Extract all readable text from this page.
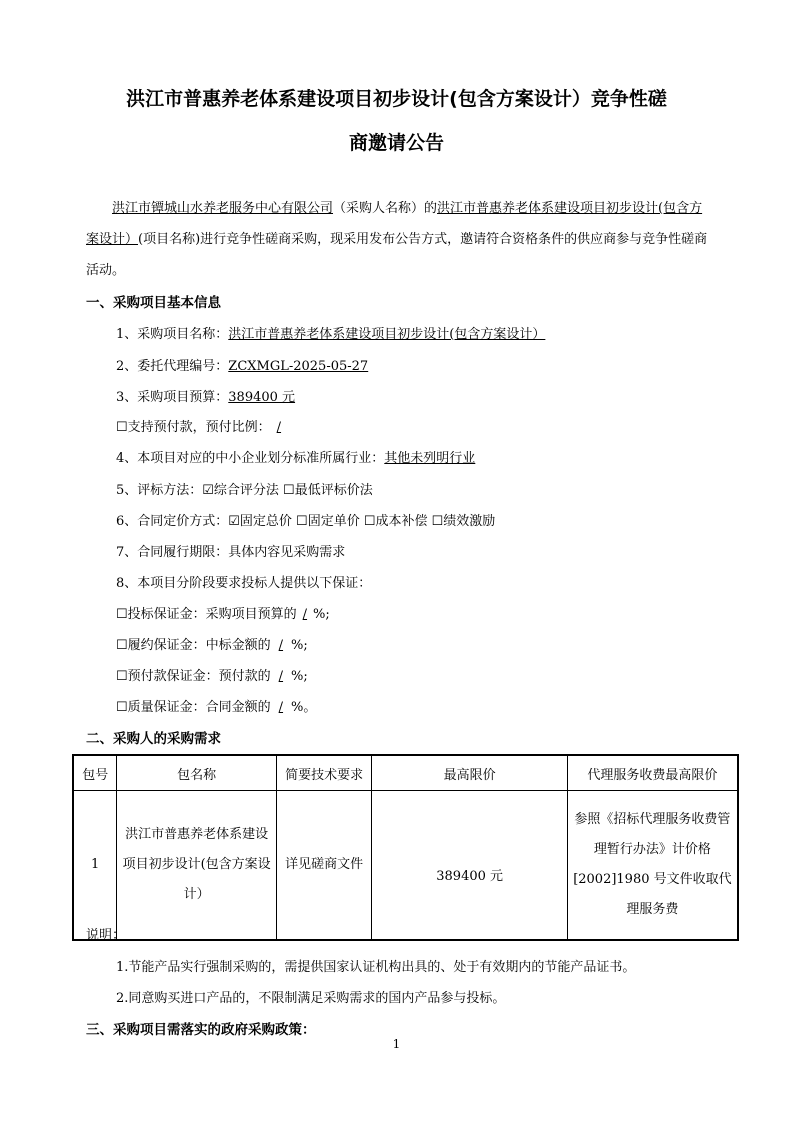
洪江市普惠养老体系建设项目初步设计(包含方案设计）竞争性磋
商邀请公告
洪江市镡城山水养老服务中心有限公司（采购人名称）的洪江市普惠养老体系建设项目初步设计(包含方案设计）(项目名称)进行竞争性磋商采购，现采用发布公告方式，邀请符合资格条件的供应商参与竞争性磋商活动。
一、采购项目基本信息
1、采购项目名称：洪江市普惠养老体系建设项目初步设计(包含方案设计）
2、委托代理编号：ZCXMGL-2025-05-27
3、采购项目预算：389400 元
☐支持预付款，预付比例： /
4、本项目对应的中小企业划分标准所属行业：其他未列明行业
5、评标方法：☑综合评分法 ☐最低评标价法
6、合同定价方式：☑固定总价 ☐固定单价 ☐成本补偿 ☐绩效激励
7、合同履行期限：具体内容见采购需求
8、本项目分阶段要求投标人提供以下保证：
☐投标保证金：采购项目预算的 / %;
☐履约保证金：中标金额的 / %;
☐预付款保证金：预付款的 / %;
☐质量保证金：合同金额的 / %。
二、采购人的采购需求
包号	包名称	简要技术要求	最高限价	代理服务收费最高限价
1	洪江市普惠养老体系建设项目初步设计(包含方案设计）	详见磋商文件	389400 元	参照《招标代理服务收费管理暂行办法》计价格[2002]1980 号文件收取代理服务费
说明：
1.节能产品实行强制采购的，需提供国家认证机构出具的、处于有效期内的节能产品证书。
2.同意购买进口产品的，不限制满足采购需求的国内产品参与投标。
三、采购项目需落实的政府采购政策：
1
